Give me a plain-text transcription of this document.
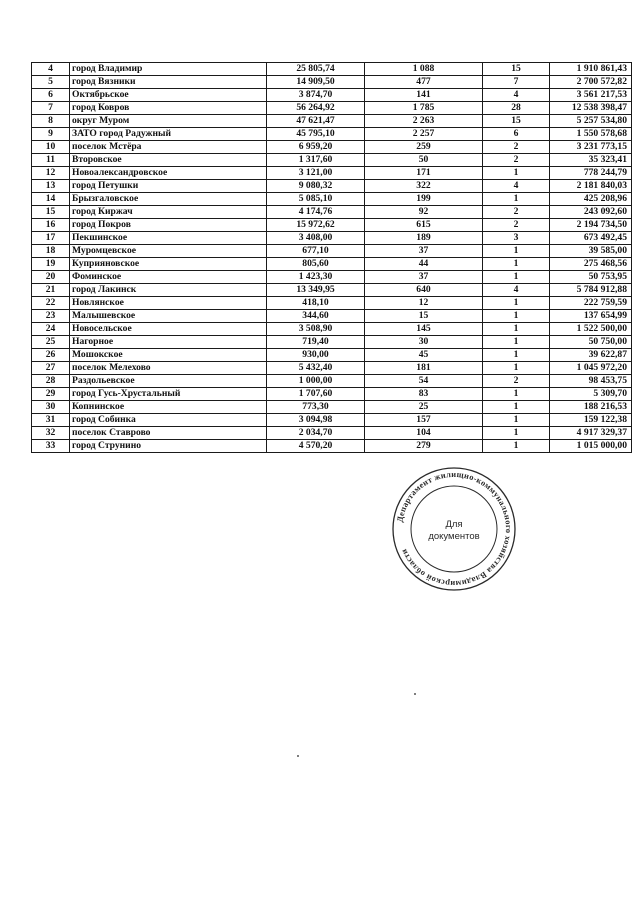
4	город Владимир	25 805,74	1 088	15	1 910 861,43
5	город Вязники	14 909,50	477	7	2 700 572,82
6	Октябрьское	3 874,70	141	4	3 561 217,53
7	город Ковров	56 264,92	1 785	28	12 538 398,47
8	округ Муром	47 621,47	2 263	15	5 257 534,80
9	ЗАТО город Радужный	45 795,10	2 257	6	1 550 578,68
10	поселок Мстёра	6 959,20	259	2	3 231 773,15
11	Второвское	1 317,60	50	2	35 323,41
12	Новоалександровское	3 121,00	171	1	778 244,79
13	город Петушки	9 080,32	322	4	2 181 840,03
14	Брызгаловское	5 085,10	199	1	425 208,96
15	город Киржач	4 174,76	92	2	243 092,60
16	город Покров	15 972,62	615	2	2 194 734,50
17	Пекшинское	3 408,00	189	3	673 492,45
18	Муромцевское	677,10	37	1	39 585,00
19	Куприяновское	805,60	44	1	275 468,56
20	Фоминское	1 423,30	37	1	50 753,95
21	город Лакинск	13 349,95	640	4	5 784 912,88
22	Новлянское	418,10	12	1	222 759,59
23	Малышевское	344,60	15	1	137 654,99
24	Новосельское	3 508,90	145	1	1 522 500,00
25	Нагорное	719,40	30	1	50 750,00
26	Мошокское	930,00	45	1	39 622,87
27	поселок Мелехово	5 432,40	181	1	1 045 972,20
28	Раздольевское	1 000,00	54	2	98 453,75
29	город Гусь-Хрустальный	1 707,60	83	1	5 309,70
30	Копнинское	773,30	25	1	188 216,53
31	город Собинка	3 094,98	157	1	159 122,38
32	поселок Ставрово	2 034,70	104	1	4 917 329,37
33	город Струнино	4 570,20	279	1	1 015 000,00
Департамент жилищно-коммунального хозяйства Владимирской области
Для
документов
